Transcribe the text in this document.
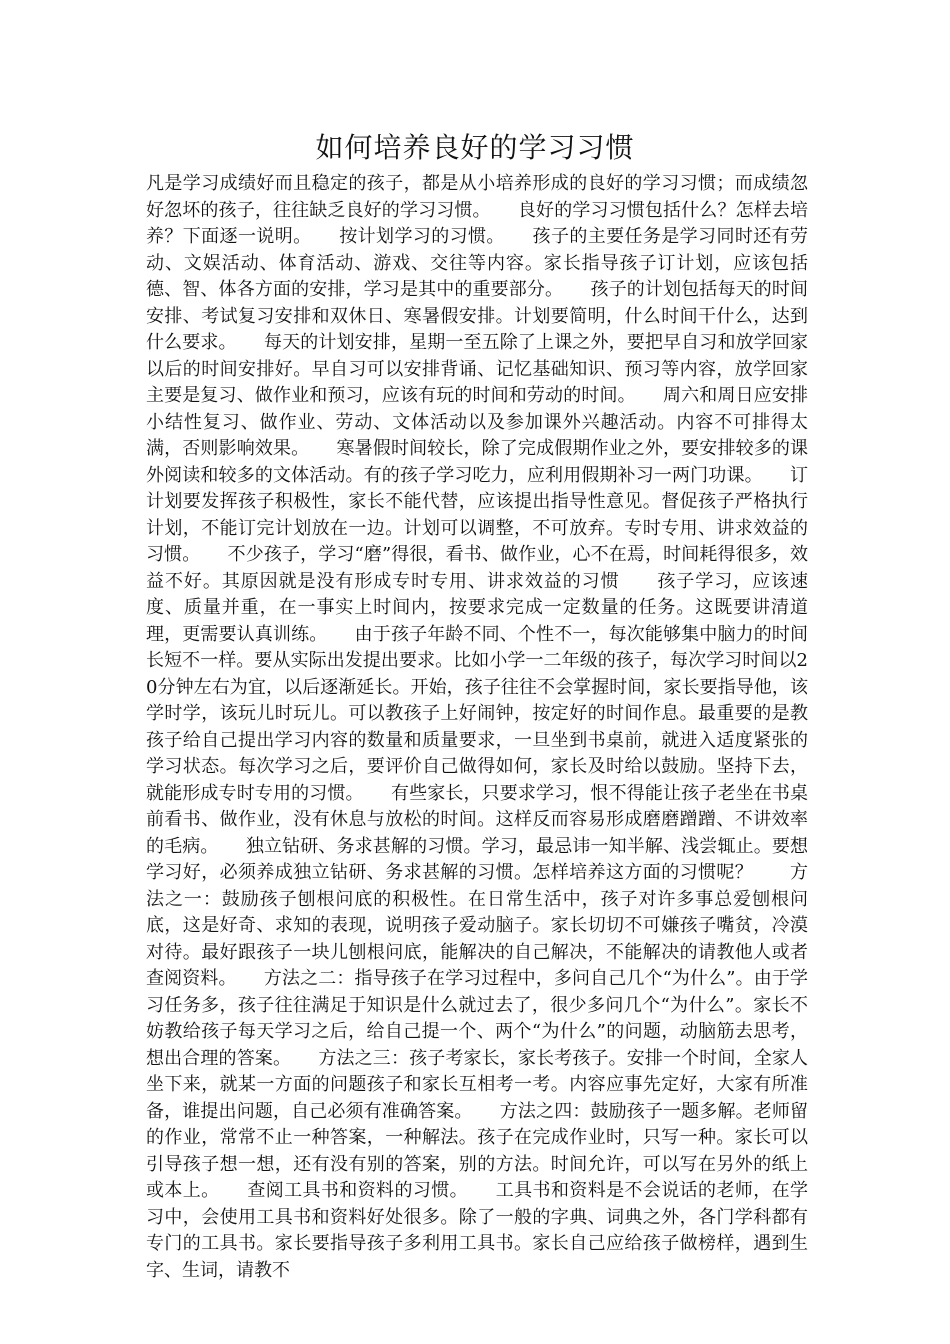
如何培养良好的学习习惯
凡是学习成绩好而且稳定的孩子，都是从小培养形成的良好的学习习惯；而成绩忽好忽坏的孩子，往往缺乏良好的学习习惯。　　良好的学习习惯包括什么？怎样去培养？下面逐一说明。　　按计划学习的习惯。　　孩子的主要任务是学习同时还有劳动、文娱活动、体育活动、游戏、交往等内容。家长指导孩子订计划，应该包括德、智、体各方面的安排，学习是其中的重要部分。　　孩子的计划包括每天的时间安排、考试复习安排和双休日、寒暑假安排。计划要简明，什么时间干什么，达到什么要求。　　每天的计划安排，星期一至五除了上课之外，要把早自习和放学回家以后的时间安排好。早自习可以安排背诵、记忆基础知识、预习等内容，放学回家主要是复习、做作业和预习，应该有玩的时间和劳动的时间。　　周六和周日应安排小结性复习、做作业、劳动、文体活动以及参加课外兴趣活动。内容不可排得太满，否则影响效果。　　寒暑假时间较长，除了完成假期作业之外，要安排较多的课外阅读和较多的文体活动。有的孩子学习吃力，应利用假期补习一两门功课。　　订计划要发挥孩子积极性，家长不能代替，应该提出指导性意见。督促孩子严格执行计划，不能订完计划放在一边。计划可以调整，不可放弃。专时专用、讲求效益的习惯。　　不少孩子，学习“磨”得很，看书、做作业，心不在焉，时间耗得很多，效益不好。其原因就是没有形成专时专用、讲求效益的习惯　　孩子学习，应该速度、质量并重，在一事实上时间内，按要求完成一定数量的任务。这既要讲清道理，更需要认真训练。　　由于孩子年龄不同、个性不一，每次能够集中脑力的时间长短不一样。要从实际出发提出要求。比如小学一二年级的孩子，每次学习时间以20分钟左右为宜，以后逐渐延长。开始，孩子往往不会掌握时间，家长要指导他，该学时学，该玩儿时玩儿。可以教孩子上好闹钟，按定好的时间作息。最重要的是教孩子给自己提出学习内容的数量和质量要求，一旦坐到书桌前，就进入适度紧张的学习状态。每次学习之后，要评价自己做得如何，家长及时给以鼓励。坚持下去，就能形成专时专用的习惯。　　有些家长，只要求学习，恨不得能让孩子老坐在书桌前看书、做作业，没有休息与放松的时间。这样反而容易形成磨磨蹭蹭、不讲效率的毛病。　　独立钻研、务求甚解的习惯。学习，最忌讳一知半解、浅尝辄止。要想学习好，必须养成独立钻研、务求甚解的习惯。怎样培养这方面的习惯呢？　　方法之一：鼓励孩子刨根问底的积极性。在日常生活中，孩子对许多事总爱刨根问底，这是好奇、求知的表现，说明孩子爱动脑子。家长切切不可嫌孩子嘴贫，冷漠对待。最好跟孩子一块儿刨根问底，能解决的自己解决，不能解决的请教他人或者查阅资料。　　方法之二：指导孩子在学习过程中，多问自己几个“为什么”。由于学习任务多，孩子往往满足于知识是什么就过去了，很少多问几个“为什么”。家长不妨教给孩子每天学习之后，给自己提一个、两个“为什么”的问题，动脑筋去思考，想出合理的答案。　　方法之三：孩子考家长，家长考孩子。安排一个时间，全家人坐下来，就某一方面的问题孩子和家长互相考一考。内容应事先定好，大家有所准备，谁提出问题，自己必须有准确答案。　　方法之四：鼓励孩子一题多解。老师留的作业，常常不止一种答案，一种解法。孩子在完成作业时，只写一种。家长可以引导孩子想一想，还有没有别的答案，别的方法。时间允许，可以写在另外的纸上或本上。　　查阅工具书和资料的习惯。　　工具书和资料是不会说话的老师，在学习中，会使用工具书和资料好处很多。除了一般的字典、词典之外，各门学科都有专门的工具书。家长要指导孩子多利用工具书。家长自己应给孩子做榜样，遇到生字、生词，请教不
